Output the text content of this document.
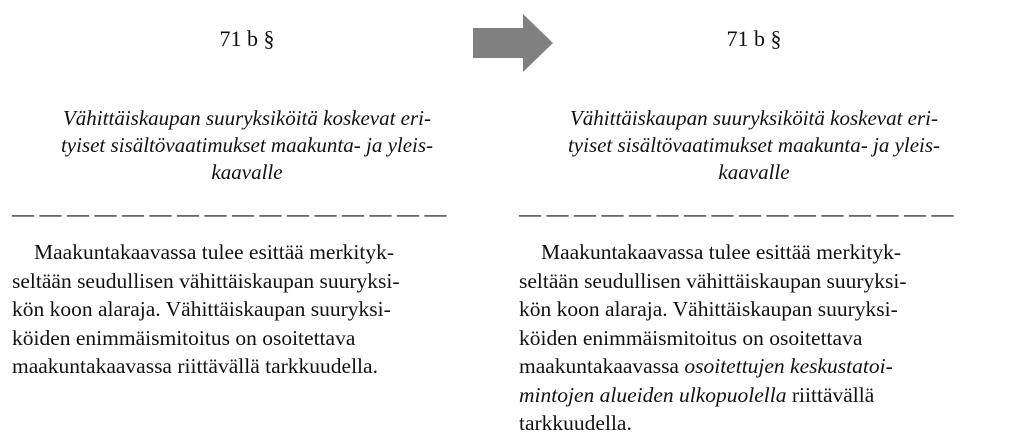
71 b §
Vähittäiskaupan suuryksiköitä koskevat eri-
tyiset sisältövaatimukset maakunta- ja yleis-
kaavalle
— — — — — — — — — — — — — — — —
Maakuntakaavassa tulee esittää merkityk-
seltään seudullisen vähittäiskaupan suuryksi-
kön koon alaraja. Vähittäiskaupan suuryksi-
köiden enimmäismitoitus on osoitettava
maakuntakaavassa riittävällä tarkkuudella.
71 b §
Vähittäiskaupan suuryksiköitä koskevat eri-
tyiset sisältövaatimukset maakunta- ja yleis-
kaavalle
— — — — — — — — — — — — — — — —
Maakuntakaavassa tulee esittää merkityk-
seltään seudullisen vähittäiskaupan suuryksi-
kön koon alaraja. Vähittäiskaupan suuryksi-
köiden enimmäismitoitus on osoitettava
maakuntakaavassa osoitettujen keskustatoi-
mintojen alueiden ulkopuolella riittävällä
tarkkuudella.
